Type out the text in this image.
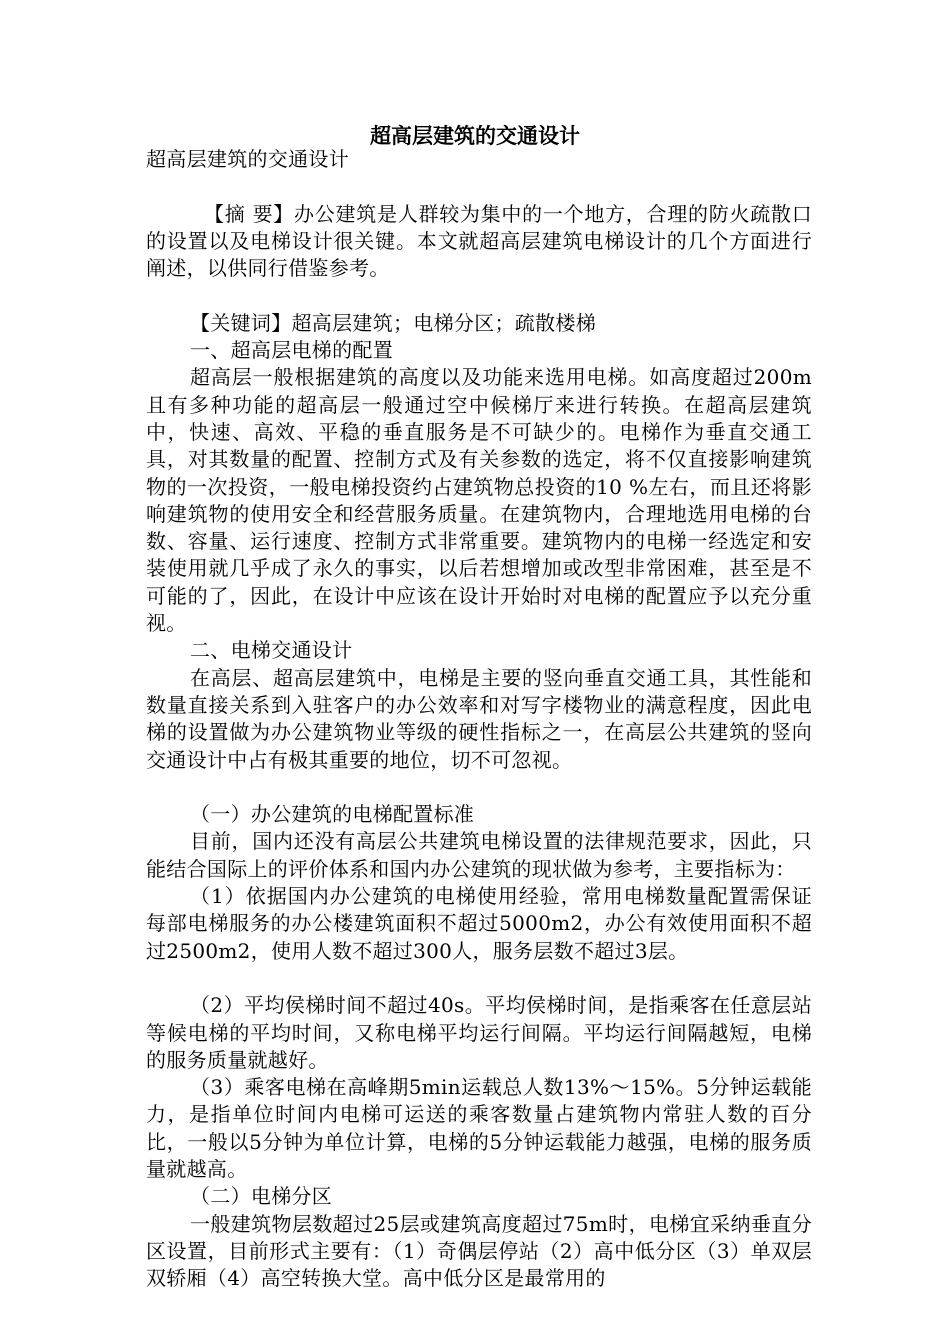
超高层建筑的交通设计

超高层建筑的交通设计

【摘 要】办公建筑是人群较为集中的一个地方，合理的防火疏散口的设置以及电梯设计很关键。本文就超高层建筑电梯设计的几个方面进行阐述，以供同行借鉴参考。

【关键词】超高层建筑；电梯分区；疏散楼梯

一、超高层电梯的配置

超高层一般根据建筑的高度以及功能来选用电梯。如高度超过200m且有多种功能的超高层一般通过空中候梯厅来进行转换。在超高层建筑中，快速、高效、平稳的垂直服务是不可缺少的。电梯作为垂直交通工具，对其数量的配置、控制方式及有关参数的选定，将不仅直接影响建筑物的一次投资，一般电梯投资约占建筑物总投资的10 %左右，而且还将影响建筑物的使用安全和经营服务质量。在建筑物内，合理地选用电梯的台数、容量、运行速度、控制方式非常重要。建筑物内的电梯一经选定和安装使用就几乎成了永久的事实，以后若想增加或改型非常困难，甚至是不可能的了，因此，在设计中应该在设计开始时对电梯的配置应予以充分重视。

二、电梯交通设计

在高层、超高层建筑中，电梯是主要的竖向垂直交通工具，其性能和数量直接关系到入驻客户的办公效率和对写字楼物业的满意程度，因此电梯的设置做为办公建筑物业等级的硬性指标之一，在高层公共建筑的竖向交通设计中占有极其重要的地位，切不可忽视。

（一）办公建筑的电梯配置标准

目前，国内还没有高层公共建筑电梯设置的法律规范要求，因此，只能结合国际上的评价体系和国内办公建筑的现状做为参考，主要指标为：

（1）依据国内办公建筑的电梯使用经验，常用电梯数量配置需保证每部电梯服务的办公楼建筑面积不超过5000m2，办公有效使用面积不超过2500m2，使用人数不超过300人，服务层数不超过3层。

（2）平均侯梯时间不超过40s。平均侯梯时间，是指乘客在任意层站等候电梯的平均时间，又称电梯平均运行间隔。平均运行间隔越短，电梯的服务质量就越好。

（3）乘客电梯在高峰期5min运载总人数13%～15%。5分钟运载能力，是指单位时间内电梯可运送的乘客数量占建筑物内常驻人数的百分比，一般以5分钟为单位计算，电梯的5分钟运载能力越强，电梯的服务质量就越高。

（二）电梯分区

一般建筑物层数超过25层或建筑高度超过75m时，电梯宜采纳垂直分区设置，目前形式主要有：（1）奇偶层停站（2）高中低分区（3）单双层双轿厢（4）高空转换大堂。高中低分区是最常用的
